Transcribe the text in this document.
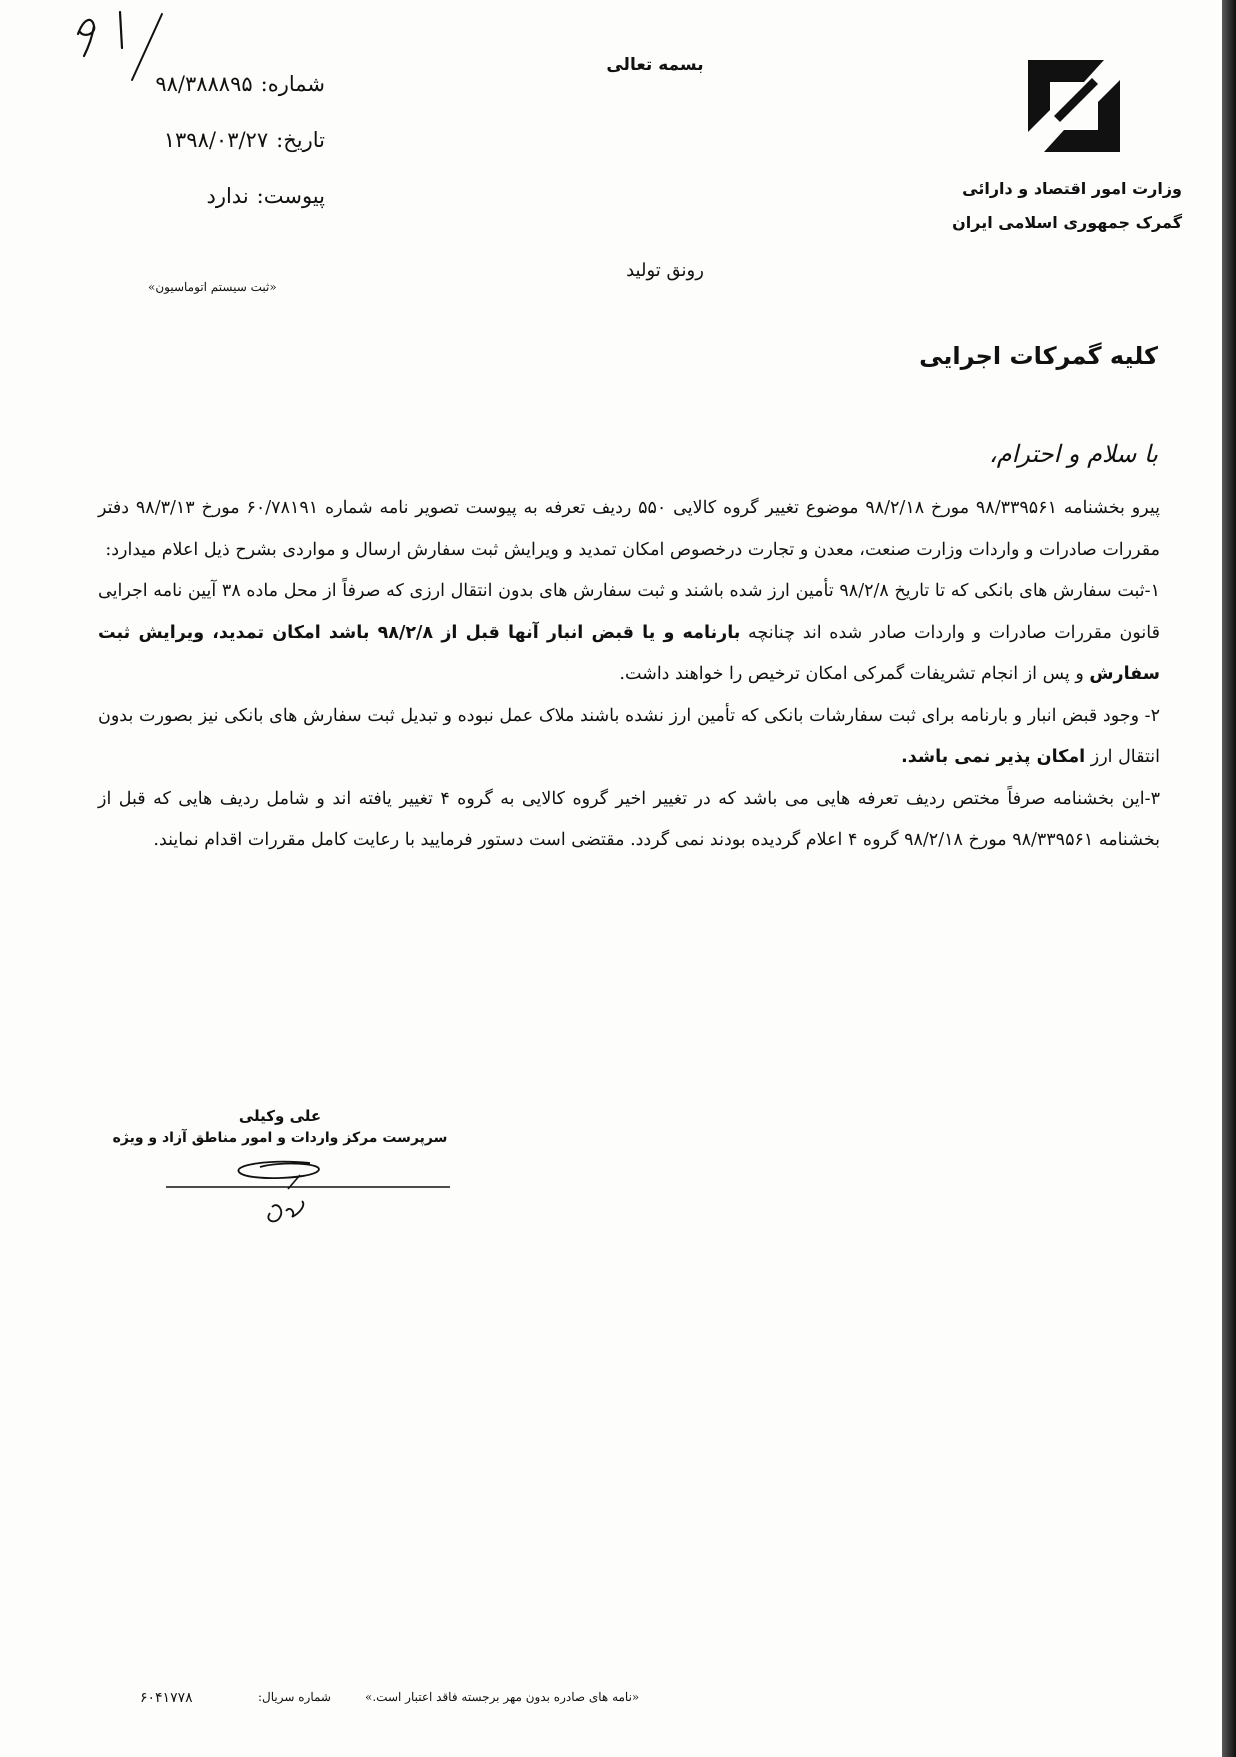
شماره:۹۸/۳۸۸۸۹۵
تاریخ:۱۳۹۸/۰۳/۲۷
پیوست:ندارد
«ثبت سیستم اتوماسیون»
بسمه تعالی
رونق تولید
وزارت امور اقتصاد و دارائی
گمرک جمهوری اسلامی ایران
کلیه گمرکات اجرایی
با سلام و احترام،

پیرو بخشنامه ۹۸/۳۳۹۵۶۱ مورخ ۹۸/۲/۱۸ موضوع تغییر گروه کالایی ۵۵۰ ردیف تعرفه به پیوست تصویر نامه شماره ۶۰/۷۸۱۹۱ مورخ ۹۸/۳/۱۳ دفتر مقررات صادرات و واردات وزارت صنعت، معدن و تجارت درخصوص امکان تمدید و ویرایش ثبت سفارش ارسال و مواردی بشرح ذیل اعلام میدارد:

۱-ثبت سفارش های بانکی که تا تاریخ ۹۸/۲/۸ تأمین ارز شده باشند و ثبت سفارش های بدون انتقال ارزی که صرفاً از محل ماده ۳۸ آیین نامه اجرایی قانون مقررات صادرات و واردات صادر شده اند چنانچه بارنامه و یا قبض انبار آنها قبل از ۹۸/۲/۸ باشد امکان تمدید، ویرایش ثبت سفارش و پس از انجام تشریفات گمرکی امکان ترخیص را خواهند داشت.

۲- وجود قبض انبار و بارنامه برای ثبت سفارشات بانکی که تأمین ارز نشده باشند ملاک عمل نبوده و تبدیل ثبت سفارش های بانکی نیز بصورت بدون انتقال ارز امکان پذیر نمی باشد.

۳-این بخشنامه صرفاً مختص ردیف تعرفه هایی می باشد که در تغییر اخیر گروه کالایی به گروه ۴ تغییر یافته اند و شامل ردیف هایی که قبل از بخشنامه ۹۸/۳۳۹۵۶۱ مورخ ۹۸/۲/۱۸ گروه ۴ اعلام گردیده بودند نمی گردد. مقتضی است دستور فرمایید با رعایت کامل مقررات اقدام نمایند.

علی وکیلی
سرپرست مرکز واردات و امور مناطق آزاد و ویژه
۶۰۴۱۷۷۸	شماره سریال:	«نامه های صادره بدون مهر برجسته فاقد اعتبار است.»
